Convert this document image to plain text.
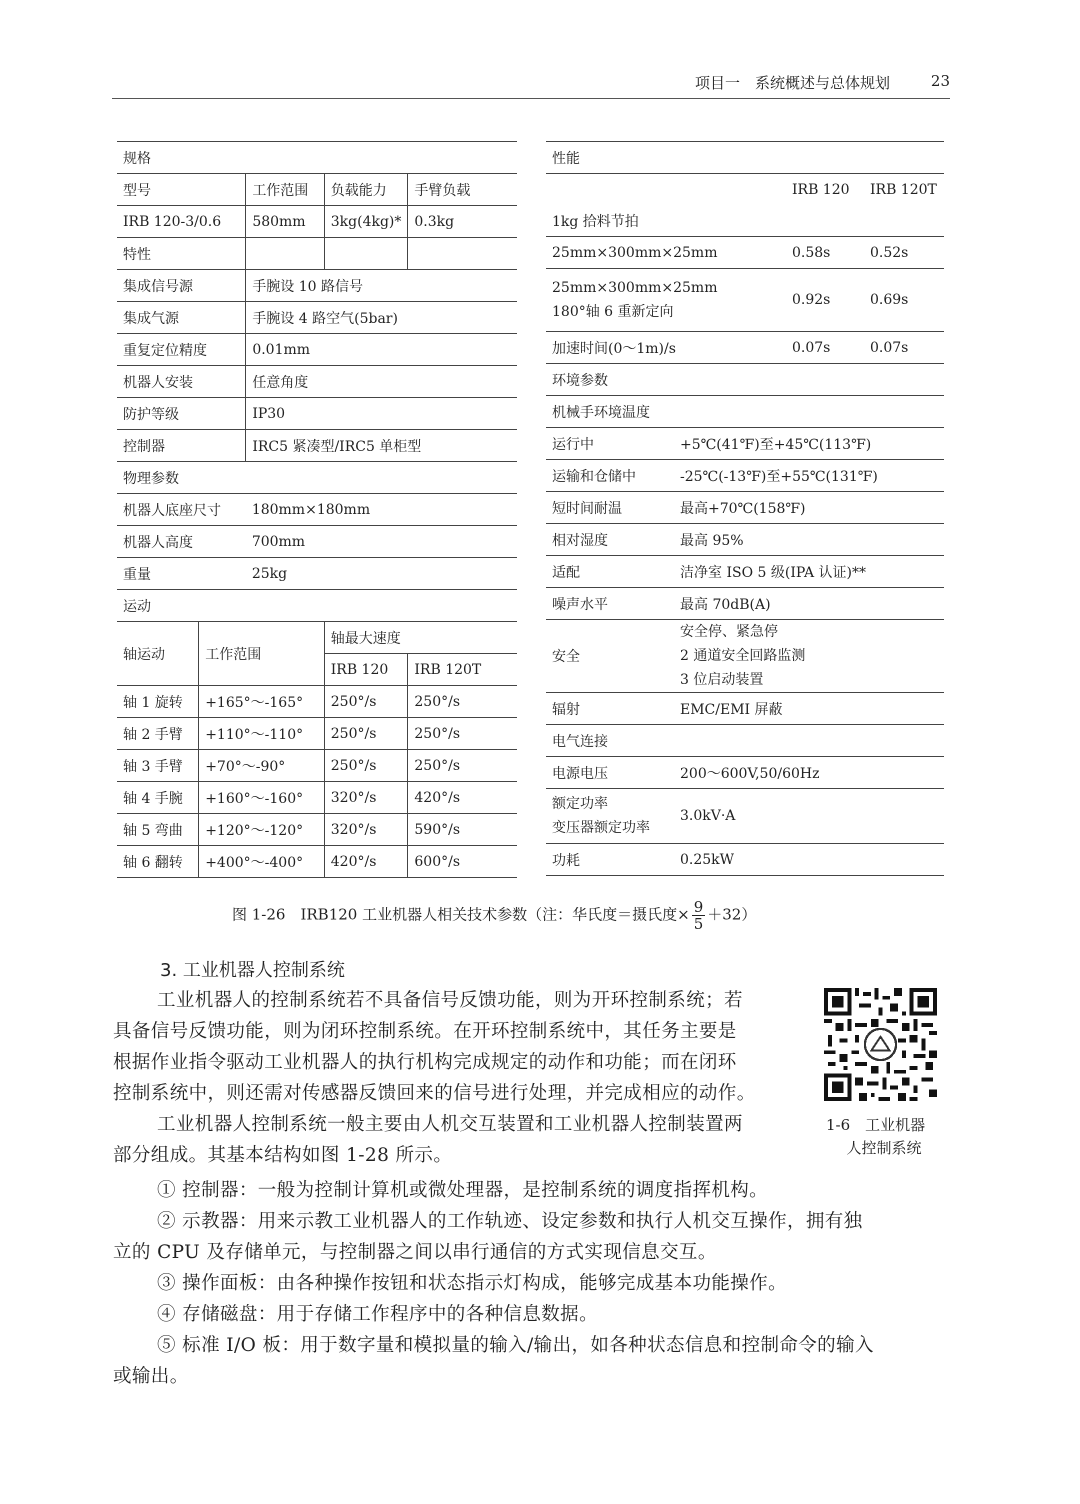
项目一　系统概述与总体规划	23
规格				
型号		工作范围	负载能力	手臂负载
IRB 120-3/0.6		580mm	3kg(4kg)*	0.3kg
特性				
集成信号源		手腕设 10 路信号		
集成气源		手腕设 4 路空气(5bar)		
重复定位精度		0.01mm		
机器人安装		任意角度		
防护等级		IP30		
控制器		IRC5 紧凑型/IRC5 单柜型		
物理参数				
机器人底座尺寸		180mm×180mm		
机器人高度		700mm		
重量		25kg		
运动				
轴运动	工作范围		轴最大速度	
			IRB 120	IRB 120T
轴 1 旋转	+165°～-165°		250°/s	250°/s
轴 2 手臂	+110°～-110°		250°/s	250°/s
轴 3 手臂	+70°～-90°		250°/s	250°/s
轴 4 手腕	+160°～-160°		320°/s	420°/s
轴 5 弯曲	+120°～-120°		320°/s	590°/s
轴 6 翻转	+400°～-400°		420°/s	600°/s
性能			
		IRB 120	IRB 120T
1kg 拾料节拍			
25mm×300mm×25mm		0.58s	0.52s

25mm×300mm×25mm
180°轴 6 重新定向		0.92s	0.69s
加速时间(0～1m)/s		0.07s	0.07s
环境参数			
机械手环境温度			
运行中	+5℃(41℉)至+45℃(113℉)		
运输和仓储中	-25℃(-13℉)至+55℃(131℉)		
短时间耐温	最高+70℃(158℉)		
相对湿度	最高 95%		
适配	洁净室 ISO 5 级(IPA 认证)**		
噪声水平	最高 70dB(A)		
安全	安全停、紧急停
2 通道安全回路监测
3 位启动装置		

辐射	EMC/EMI 屏蔽		
电气连接			
电源电压	200～600V,50/60Hz		

额定功率
变压器额定功率	3.0kV·A		
功耗	0.25kW		
图 1-26　IRB120 工业机器人相关技术参数（注：华氏度＝摄氏度× $\frac{9}{5} +32$）
3. 工业机器人控制系统
工业机器人的控制系统若不具备信号反馈功能，则为开环控制系统；若
具备信号反馈功能，则为闭环控制系统。在开环控制系统中，其任务主要是
根据作业指令驱动工业机器人的执行机构完成规定的动作和功能；而在闭环
控制系统中，则还需对传感器反馈回来的信号进行处理，并完成相应的动作。
1-6　工业机器
人控制系统
工业机器人控制系统一般主要由人机交互装置和工业机器人控制装置两
部分组成。其基本结构如图 1-28 所示。
① 控制器：一般为控制计算机或微处理器，是控制系统的调度指挥机构。
② 示教器：用来示教工业机器人的工作轨迹、设定参数和执行人机交互操作，拥有独
立的 CPU 及存储单元，与控制器之间以串行通信的方式实现信息交互。
③ 操作面板：由各种操作按钮和状态指示灯构成，能够完成基本功能操作。
④ 存储磁盘：用于存储工作程序中的各种信息数据。
⑤ 标准 I/O 板：用于数字量和模拟量的输入/输出，如各种状态信息和控制命令的输入
或输出。
